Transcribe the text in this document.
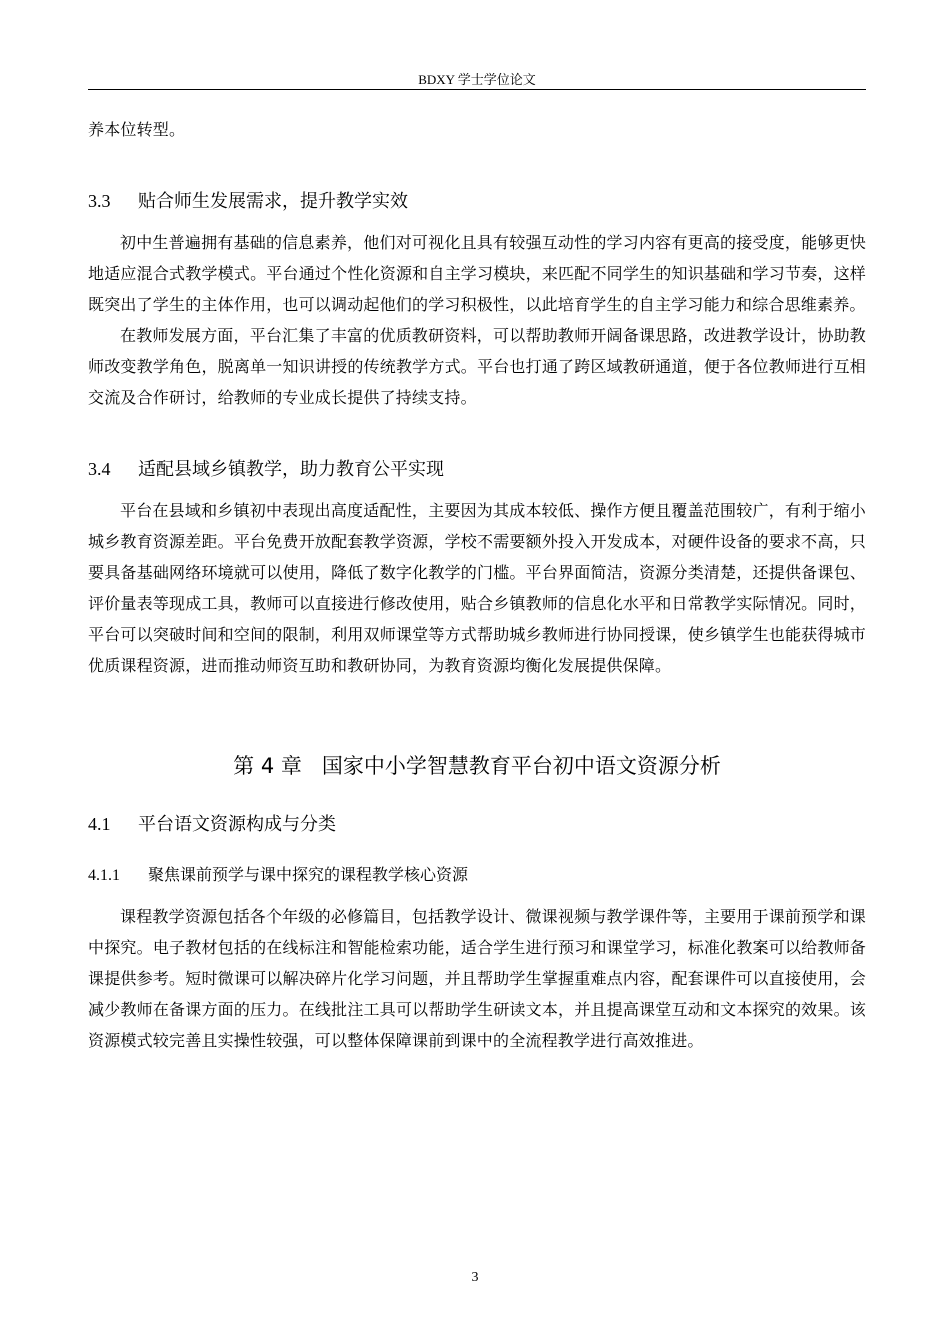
BDXY 学士学位论文

养本位转型。

3.3 贴合师生发展需求，提升教学实效

初中生普遍拥有基础的信息素养，他们对可视化且具有较强互动性的学习内容有更高的接受度，能够更快地适应混合式教学模式。平台通过个性化资源和自主学习模块，来匹配不同学生的知识基础和学习节奏，这样既突出了学生的主体作用，也可以调动起他们的学习积极性，以此培育学生的自主学习能力和综合思维素养。

在教师发展方面，平台汇集了丰富的优质教研资料，可以帮助教师开阔备课思路，改进教学设计，协助教师改变教学角色，脱离单一知识讲授的传统教学方式。平台也打通了跨区域教研通道，便于各位教师进行互相交流及合作研讨，给教师的专业成长提供了持续支持。

3.4 适配县域乡镇教学，助力教育公平实现

平台在县域和乡镇初中表现出高度适配性，主要因为其成本较低、操作方便且覆盖范围较广，有利于缩小城乡教育资源差距。平台免费开放配套教学资源，学校不需要额外投入开发成本，对硬件设备的要求不高，只要具备基础网络环境就可以使用，降低了数字化教学的门槛。平台界面简洁，资源分类清楚，还提供备课包、评价量表等现成工具，教师可以直接进行修改使用，贴合乡镇教师的信息化水平和日常教学实际情况。同时，平台可以突破时间和空间的限制，利用双师课堂等方式帮助城乡教师进行协同授课，使乡镇学生也能获得城市优质课程资源，进而推动师资互助和教研协同，为教育资源均衡化发展提供保障。

第 4 章 国家中小学智慧教育平台初中语文资源分析
4.1 平台语文资源构成与分类
4.1.1 聚焦课前预学与课中探究的课程教学核心资源

课程教学资源包括各个年级的必修篇目，包括教学设计、微课视频与教学课件等，主要用于课前预学和课中探究。电子教材包括的在线标注和智能检索功能，适合学生进行预习和课堂学习，标准化教案可以给教师备课提供参考。短时微课可以解决碎片化学习问题，并且帮助学生掌握重难点内容，配套课件可以直接使用，会减少教师在备课方面的压力。在线批注工具可以帮助学生研读文本，并且提高课堂互动和文本探究的效果。该资源模式较完善且实操性较强，可以整体保障课前到课中的全流程教学进行高效推进。

3
